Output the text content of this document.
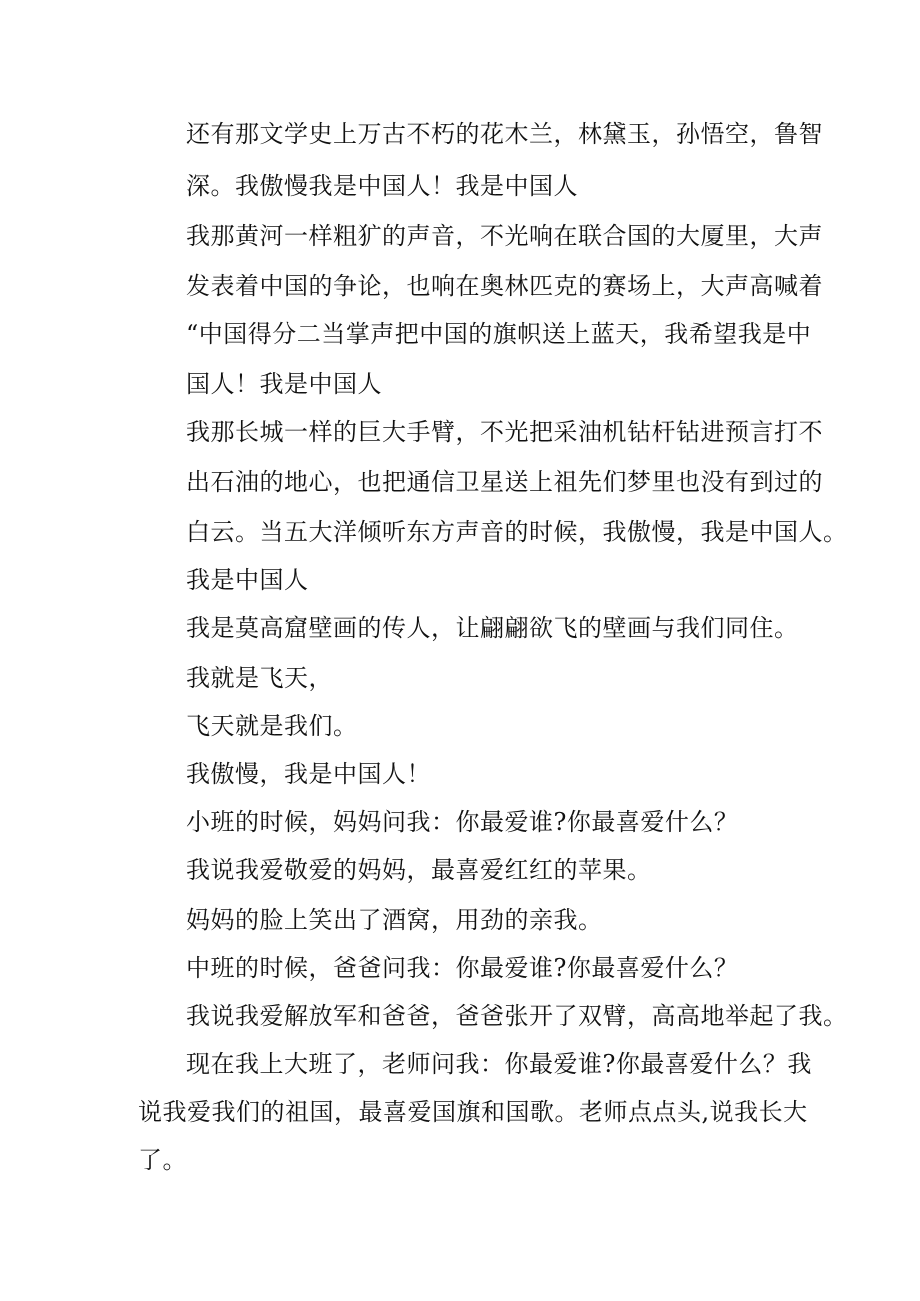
还有那文学史上万古不朽的花木兰，林黛玉，孙悟空，鲁智
深。我傲慢我是中国人！我是中国人
我那黄河一样粗犷的声音，不光响在联合国的大厦里，大声
发表着中国的争论，也响在奥林匹克的赛场上，大声高喊着
“中国得分二当掌声把中国的旗帜送上蓝天，我希望我是中
国人！我是中国人
我那长城一样的巨大手臂，不光把采油机钻杆钻进预言打不
出石油的地心，也把通信卫星送上祖先们梦里也没有到过的
白云。当五大洋倾听东方声音的时候，我傲慢，我是中国人。
我是中国人
我是莫高窟壁画的传人，让翩翩欲飞的壁画与我们同住。
我就是飞天，
飞天就是我们。
我傲慢，我是中国人！
小班的时候，妈妈问我：你最爱谁?你最喜爱什么？
我说我爱敬爱的妈妈，最喜爱红红的苹果。
妈妈的脸上笑出了酒窝，用劲的亲我。
中班的时候，爸爸问我：你最爱谁?你最喜爱什么？
我说我爱解放军和爸爸，爸爸张开了双臂，高高地举起了我。
现在我上大班了，老师问我：你最爱谁?你最喜爱什么？我
说我爱我们的祖国，最喜爱国旗和国歌。老师点点头,说我长大
了。
